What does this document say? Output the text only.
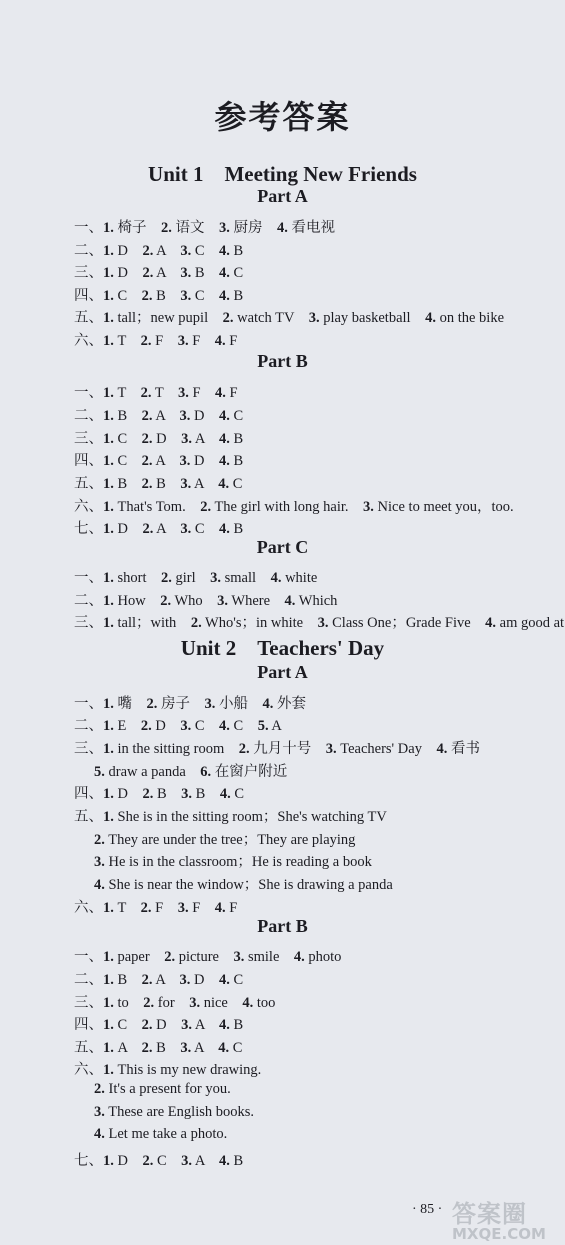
参考答案
Unit 1　Meeting New Friends
Part A
一、1. 椅子　2. 语文　3. 厨房　4. 看电视
二、1. D　2. A　3. C　4. B
三、1. D　2. A　3. B　4. C
四、1. C　2. B　3. C　4. B
五、1. tall；new pupil　2. watch TV　3. play basketball　4. on the bike
六、1. T　2. F　3. F　4. F
Part B
一、1. T　2. T　3. F　4. F
二、1. B　2. A　3. D　4. C
三、1. C　2. D　3. A　4. B
四、1. C　2. A　3. D　4. B
五、1. B　2. B　3. A　4. C
六、1. That's Tom.　2. The girl with long hair.　3. Nice to meet you，too.
七、1. D　2. A　3. C　4. B
Part C
一、1. short　2. girl　3. small　4. white
二、1. How　2. Who　3. Where　4. Which
三、1. tall；with　2. Who's；in white　3. Class One；Grade Five　4. am good at
Unit 2　Teachers' Day
Part A
一、1. 嘴　2. 房子　3. 小船　4. 外套
二、1. E　2. D　3. C　4. C　5. A
三、1. in the sitting room　2. 九月十号　3. Teachers' Day　4. 看书
5. draw a panda　6. 在窗户附近
四、1. D　2. B　3. B　4. C
五、1. She is in the sitting room；She's watching TV
2. They are under the tree；They are playing
3. He is in the classroom；He is reading a book
4. She is near the window；She is drawing a panda
六、1. T　2. F　3. F　4. F
Part B
一、1. paper　2. picture　3. smile　4. photo
二、1. B　2. A　3. D　4. C
三、1. to　2. for　3. nice　4. too
四、1. C　2. D　3. A　4. B
五、1. A　2. B　3. A　4. C
六、1. This is my new drawing.
2. It's a present for you.
3. These are English books.
4. Let me take a photo.
七、1. D　2. C　3. A　4. B
· 85 · 答案圈
MXQE.COM
